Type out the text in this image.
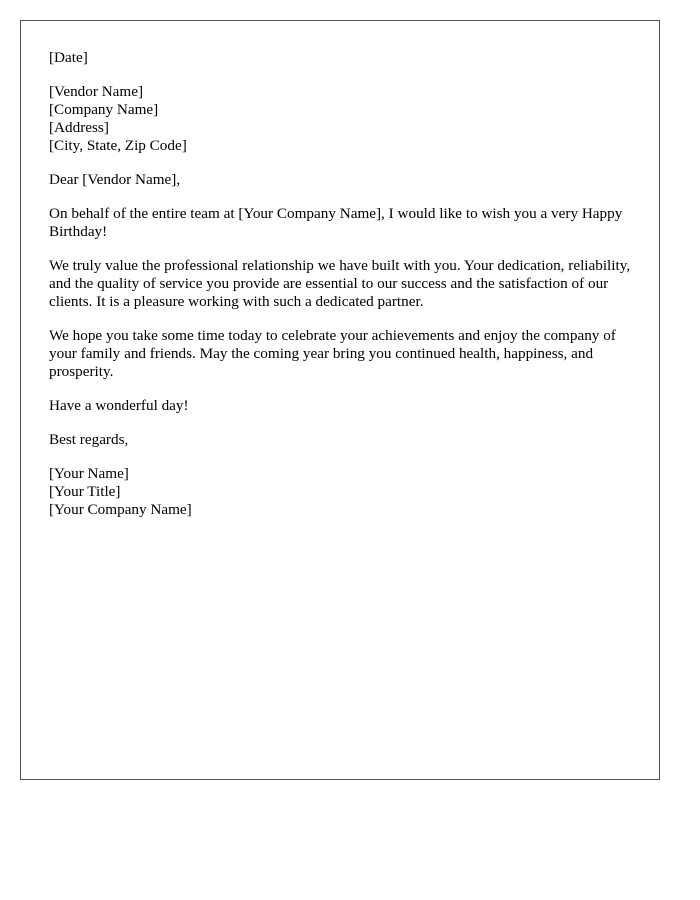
[Date]
[Vendor Name]
[Company Name]
[Address]
[City, State, Zip Code]
Dear [Vendor Name],

On behalf of the entire team at [Your Company Name], I would like to wish you a very Happy Birthday!

We truly value the professional relationship we have built with you. Your dedication, reliability, and the quality of service you provide are essential to our success and the satisfaction of our clients. It is a pleasure working with such a dedicated partner.

We hope you take some time today to celebrate your achievements and enjoy the company of your family and friends. May the coming year bring you continued health, happiness, and prosperity.

Have a wonderful day!

Best regards,
[Your Name]
[Your Title]
[Your Company Name]
